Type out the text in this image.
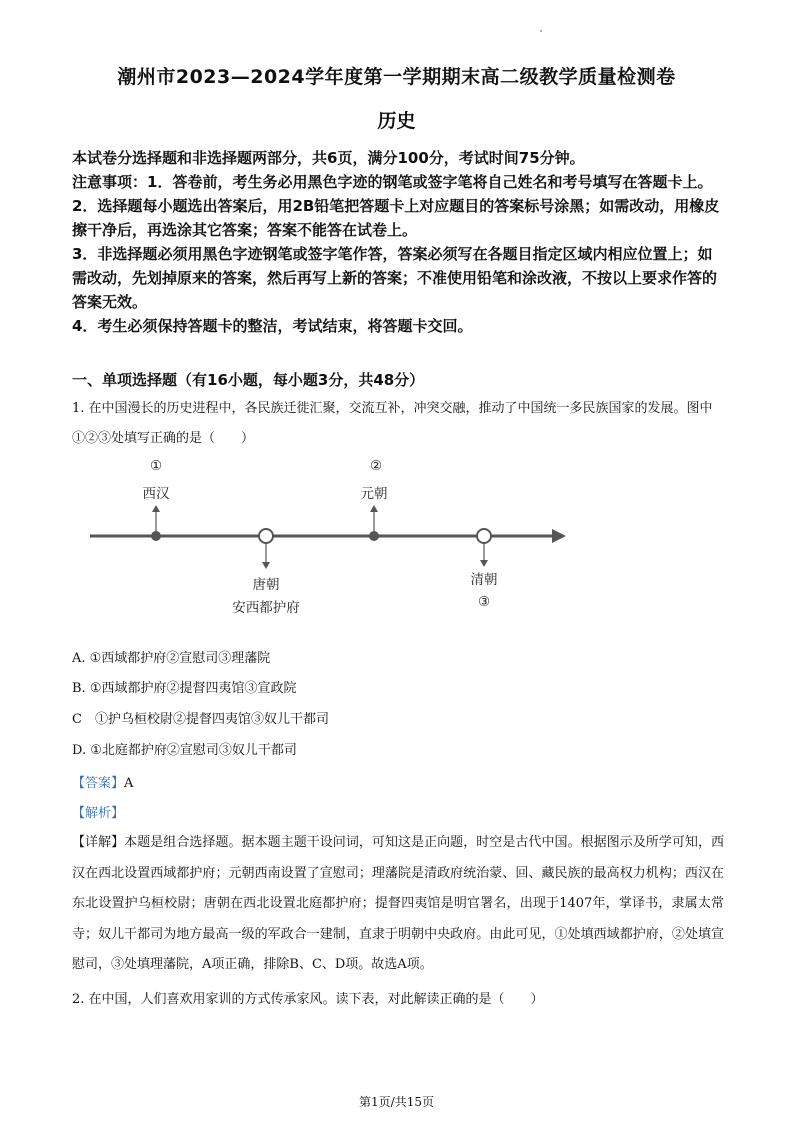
潮州市2023—2024学年度第一学期期末高二级教学质量检测卷
历史

本试卷分选择题和非选择题两部分，共6页，满分100分，考试时间75分钟。

注意事项：1．答卷前，考生务必用黑色字迹的钢笔或签字笔将自己姓名和考号填写在答题卡上。

2．选择题每小题选出答案后，用2B铅笔把答题卡上对应题目的答案标号涂黑；如需改动，用橡皮擦干净后，再选涂其它答案；答案不能答在试卷上。

3．非选择题必须用黑色字迹钢笔或签字笔作答，答案必须写在各题目指定区域内相应位置上；如需改动，先划掉原来的答案，然后再写上新的答案；不准使用铅笔和涂改液，不按以上要求作答的答案无效。

4．考生必须保持答题卡的整洁，考试结束，将答题卡交回。

一、单项选择题（有16小题，每小题3分，共48分）
1. 在中国漫长的历史进程中，各民族迁徙汇聚，交流互补，冲突交融，推动了中国统一多民族国家的发展。图中①②③处填写正确的是（　　）
西汉
①
唐朝
安西都护府
元朝
②
清朝
③
A. ①西域都护府②宣慰司③理藩院
B. ①西域都护府②提督四夷馆③宣政院
C　①护乌桓校尉②提督四夷馆③奴儿干都司
D. ①北庭都护府②宣慰司③奴儿干都司
【答案】A
【解析】
【详解】本题是组合选择题。据本题主题干设问词，可知这是正向题，时空是古代中国。根据图示及所学可知，西汉在西北设置西域都护府；元朝西南设置了宣慰司；理藩院是清政府统治蒙、回、藏民族的最高权力机构；西汉在东北设置护乌桓校尉；唐朝在西北设置北庭都护府；提督四夷馆是明官署名，出现于1407年，掌译书，隶属太常寺；奴儿干都司为地方最高一级的军政合一建制，直隶于明朝中央政府。由此可见，①处填西域都护府，②处填宣慰司，③处填理藩院，A项正确，排除B、C、D项。故选A项。
2. 在中国，人们喜欢用家训的方式传承家风。读下表，对此解读正确的是（　　）
第1页/共15页
